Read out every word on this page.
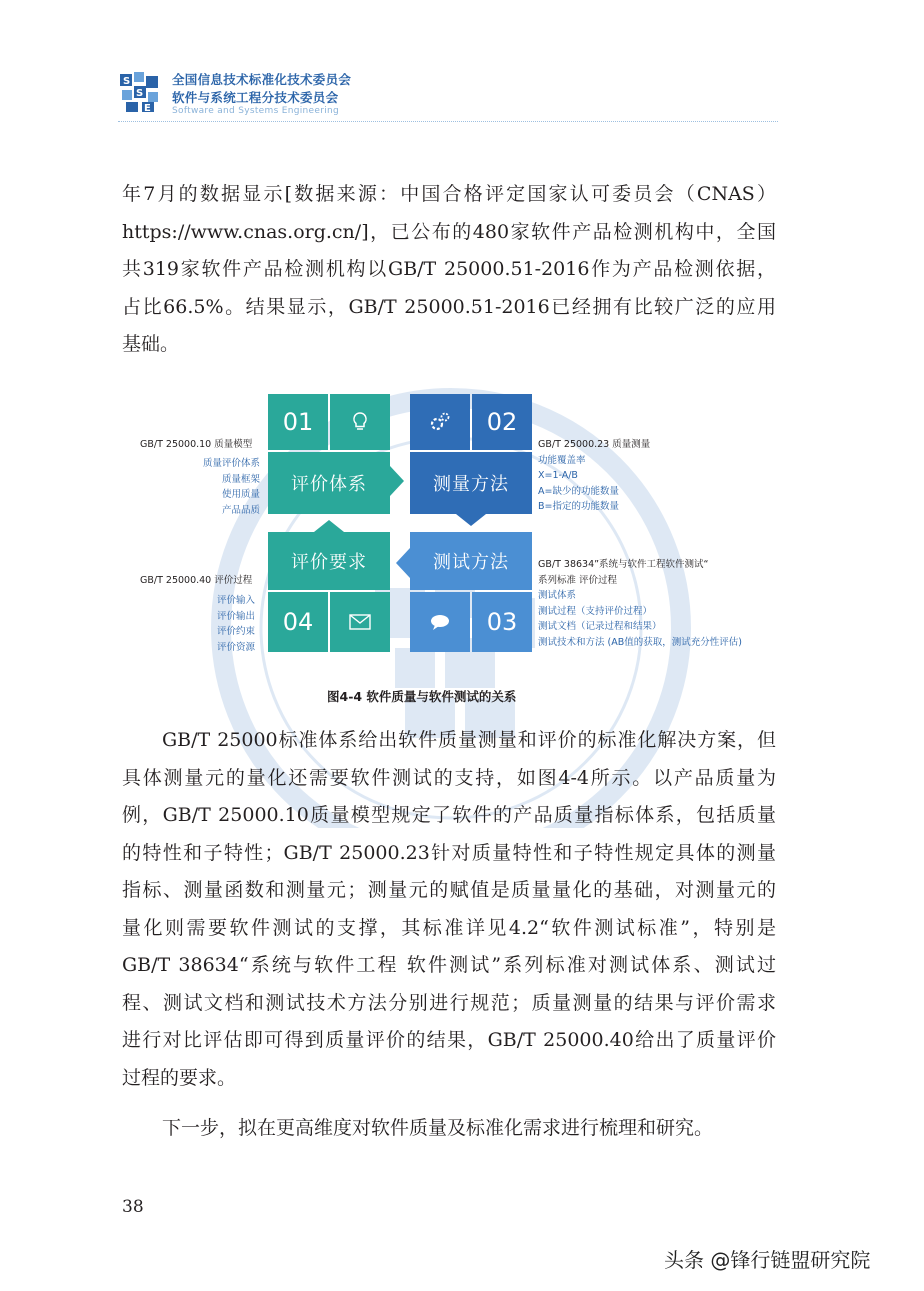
S
S
E
全国信息技术标准化技术委员会
软件与系统工程分技术委员会
Software and Systems Engineering
年7月的数据显示[数据来源：中国合格评定国家认可委员会（CNAS）
https://www.cnas.org.cn/]，已公布的480家软件产品检测机构中，全国
共319家软件产品检测机构以GB/T 25000.51-2016作为产品检测依据，
占比66.5%。结果显示，GB/T 25000.51-2016已经拥有比较广泛的应用
基础。
01
评价体系
02
测量方法
评价要求
04
测试方法
03
GB/T 25000.10 质量模型
质量评价体系
质量框架
使用质量
产品品质
GB/T 25000.23 质量测量
功能覆盖率
X=1-A/B
A=缺少的功能数量
B=指定的功能数量
GB/T 25000.40 评价过程
评价输入
评价输出
评价约束
评价资源
GB/T 38634”系统与软件工程软件测试“
系列标准 评价过程
测试体系
测试过程（支持评价过程）
测试文档（记录过程和结果）
测试技术和方法 (AB值的获取，测试充分性评估)
图4-4 软件质量与软件测试的关系
GB/T 25000标准体系给出软件质量测量和评价的标准化解决方案，但
具体测量元的量化还需要软件测试的支持，如图4-4所示。以产品质量为
例，GB/T 25000.10质量模型规定了软件的产品质量指标体系，包括质量
的特性和子特性；GB/T 25000.23针对质量特性和子特性规定具体的测量
指标、测量函数和测量元；测量元的赋值是质量量化的基础，对测量元的
量化则需要软件测试的支撑，其标准详见4.2“软件测试标准”，特别是
GB/T 38634“系统与软件工程 软件测试”系列标准对测试体系、测试过
程、测试文档和测试技术方法分别进行规范；质量测量的结果与评价需求
进行对比评估即可得到质量评价的结果，GB/T 25000.40给出了质量评价
过程的要求。
下一步，拟在更高维度对软件质量及标准化需求进行梳理和研究。
38
头条 @锋行链盟研究院
